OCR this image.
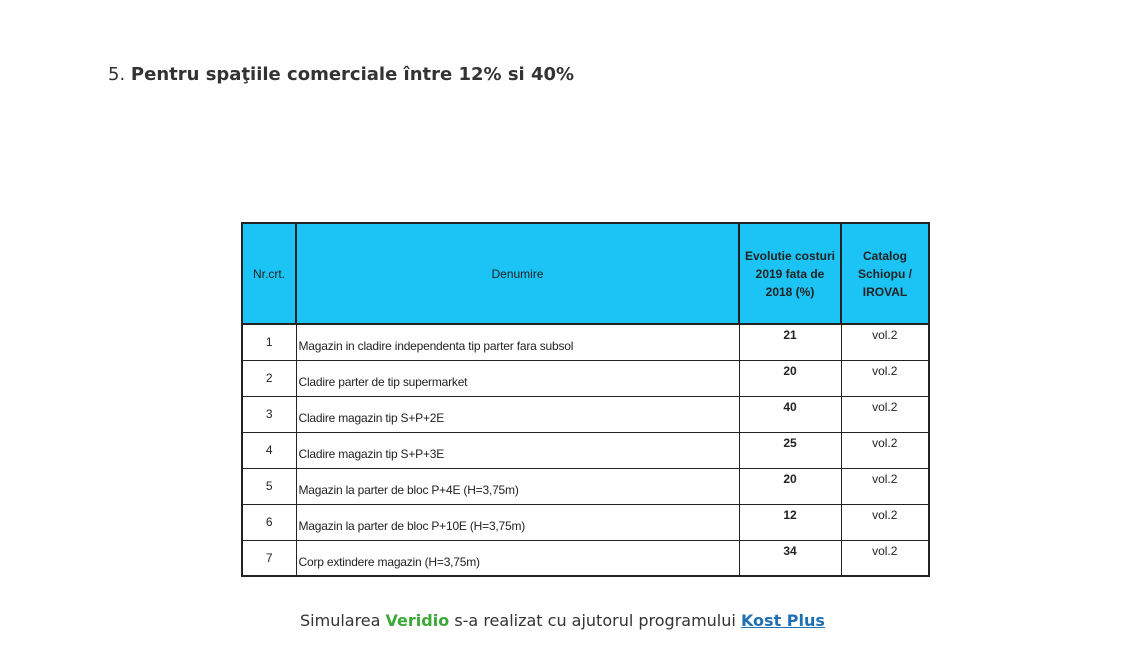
5. Pentru spaţiile comerciale între 12% si 40%
Nr.crt.	Denumire	Evolutie costuri 2019 fata de 2018 (%)	Catalog Schiopu / IROVAL
1	Magazin in cladire independenta tip parter fara subsol	21	vol.2
2	Cladire parter de tip supermarket	20	vol.2
3	Cladire magazin tip S+P+2E	40	vol.2
4	Cladire magazin tip S+P+3E	25	vol.2
5	Magazin la parter de bloc P+4E (H=3,75m)	20	vol.2
6	Magazin la parter de bloc P+10E (H=3,75m)	12	vol.2
7	Corp extindere magazin (H=3,75m)	34	vol.2
Simularea Veridio s-a realizat cu ajutorul programului Kost Plus
